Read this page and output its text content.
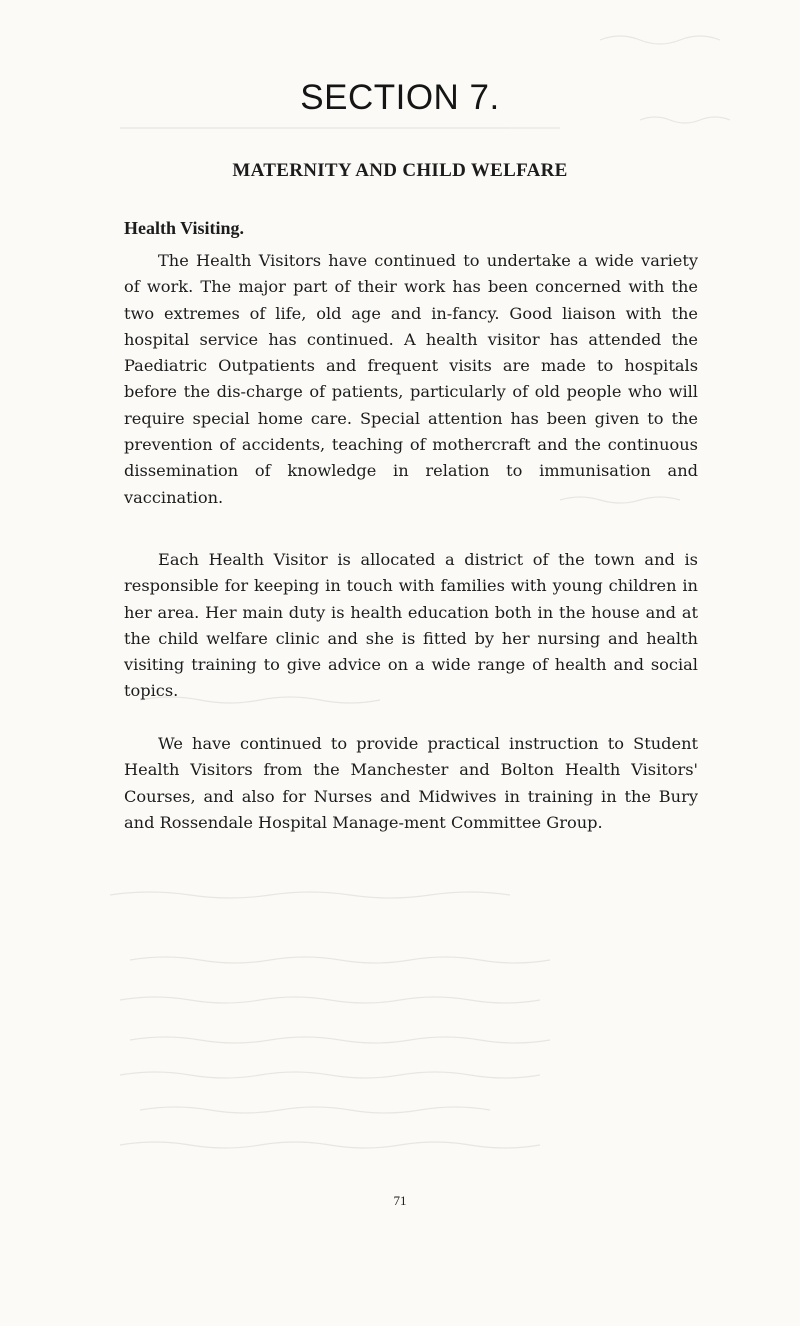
SECTION 7.
MATERNITY AND CHILD WELFARE
Health Visiting.

The Health Visitors have continued to undertake a wide variety of work. The major part of their work has been concerned with the two extremes of life, old age and in-fancy. Good liaison with the hospital service has continued. A health visitor has attended the Paediatric Outpatients and frequent visits are made to hospitals before the dis-charge of patients, particularly of old people who will require special home care. Special attention has been given to the prevention of accidents, teaching of mothercraft and the continuous dissemination of knowledge in relation to immunisation and vaccination.

Each Health Visitor is allocated a district of the town and is responsible for keeping in touch with families with young children in her area. Her main duty is health education both in the house and at the child welfare clinic and she is fitted by her nursing and health visiting training to give advice on a wide range of health and social topics.

We have continued to provide practical instruction to Student Health Visitors from the Manchester and Bolton Health Visitors' Courses, and also for Nurses and Midwives in training in the Bury and Rossendale Hospital Manage-ment Committee Group.

71
